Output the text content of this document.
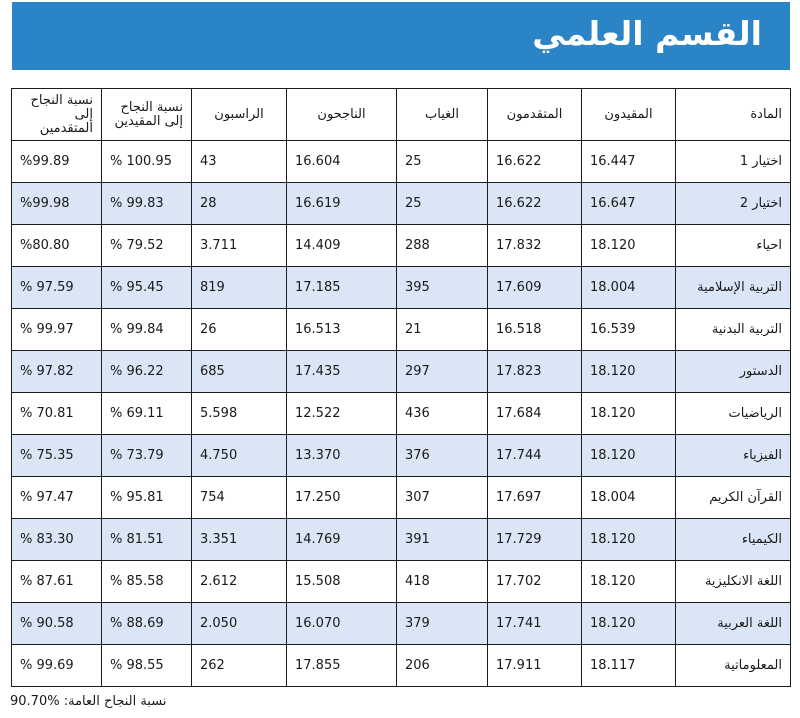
القسم العلمي
المادة	المقيدون	المتقدمون	الغياب	الناجحون	الراسبون	نسبة النجاح إلى المقيدين	نسبة النجاح إلى المتقدمين
اختيار 1	16.447	16.622	25	16.604	43	% 100.95	%99.89
اختيار 2	16.647	16.622	25	16.619	28	% 99.83	%99.98
احياء	18.120	17.832	288	14.409	3.711	% 79.52	%80.80
التربية الإسلامية	18.004	17.609	395	17.185	819	% 95.45	% 97.59
التربية البدنية	16.539	16.518	21	16.513	26	% 99.84	% 99.97
الدستور	18.120	17.823	297	17.435	685	% 96.22	% 97.82
الرياضيات	18.120	17.684	436	12.522	5.598	% 69.11	% 70.81
الفيزياء	18.120	17.744	376	13.370	4.750	% 73.79	% 75.35
القرآن الكريم	18.004	17.697	307	17.250	754	% 95.81	% 97.47
الكيمياء	18.120	17.729	391	14.769	3.351	% 81.51	% 83.30
اللغة الانكليزية	18.120	17.702	418	15.508	2.612	% 85.58	% 87.61
اللغة العربية	18.120	17.741	379	16.070	2.050	% 88.69	% 90.58
المعلوماتية	18.117	17.911	206	17.855	262	% 98.55	% 99.69
نسبة النجاح العامة: 90.70%
